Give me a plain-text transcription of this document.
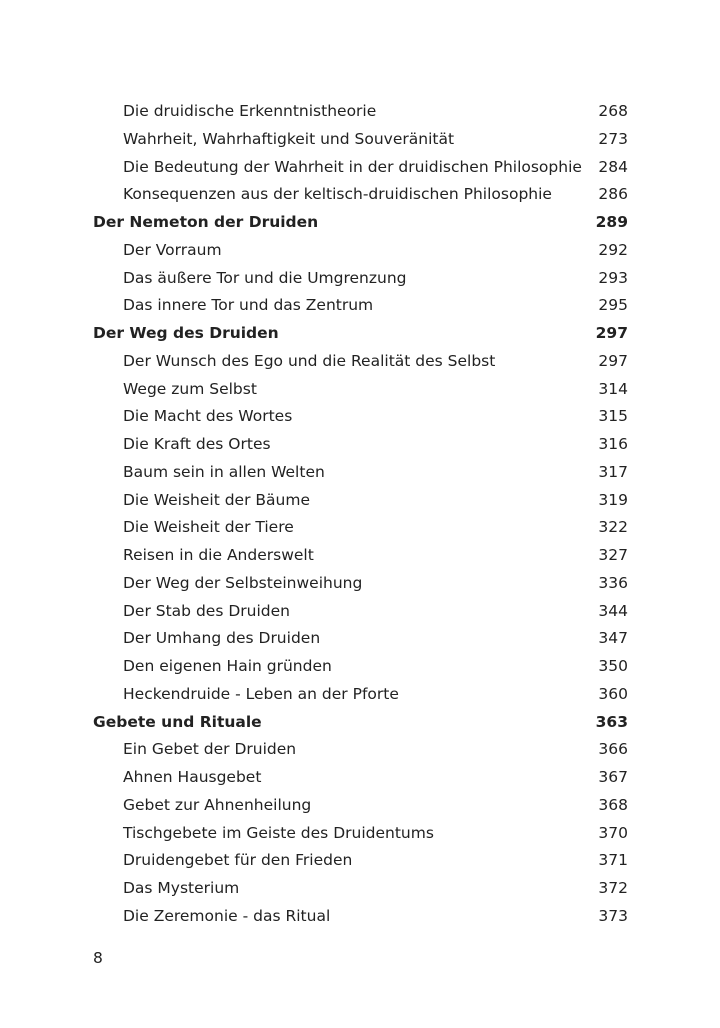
Die druidische Erkenntnistheorie	268
Wahrheit, Wahrhaftigkeit und Souveränität	273
Die Bedeutung der Wahrheit in der druidischen Philosophie 284
Konsequenzen aus der keltisch-druidischen Philosophie	286
Der Nemeton der Druiden	289
Der Vorraum	292
Das äußere Tor und die Umgrenzung	293
Das innere Tor und das Zentrum	295
Der Weg des Druiden	297
Der Wunsch des Ego und die Realität des Selbst	297
Wege zum Selbst	314
Die Macht des Wortes	315
Die Kraft des Ortes	316
Baum sein in allen Welten	317
Die Weisheit der Bäume	319
Die Weisheit der Tiere	322
Reisen in die Anderswelt	327
Der Weg der Selbsteinweihung	336
Der Stab des Druiden	344
Der Umhang des Druiden	347
Den eigenen Hain gründen	350
Heckendruide - Leben an der Pforte	360
Gebete und Rituale	363
Ein Gebet der Druiden	366
Ahnen Hausgebet	367
Gebet zur Ahnenheilung	368
Tischgebete im Geiste des Druidentums	370
Druidengebet für den Frieden	371
Das Mysterium	372
Die Zeremonie - das Ritual	373
8
